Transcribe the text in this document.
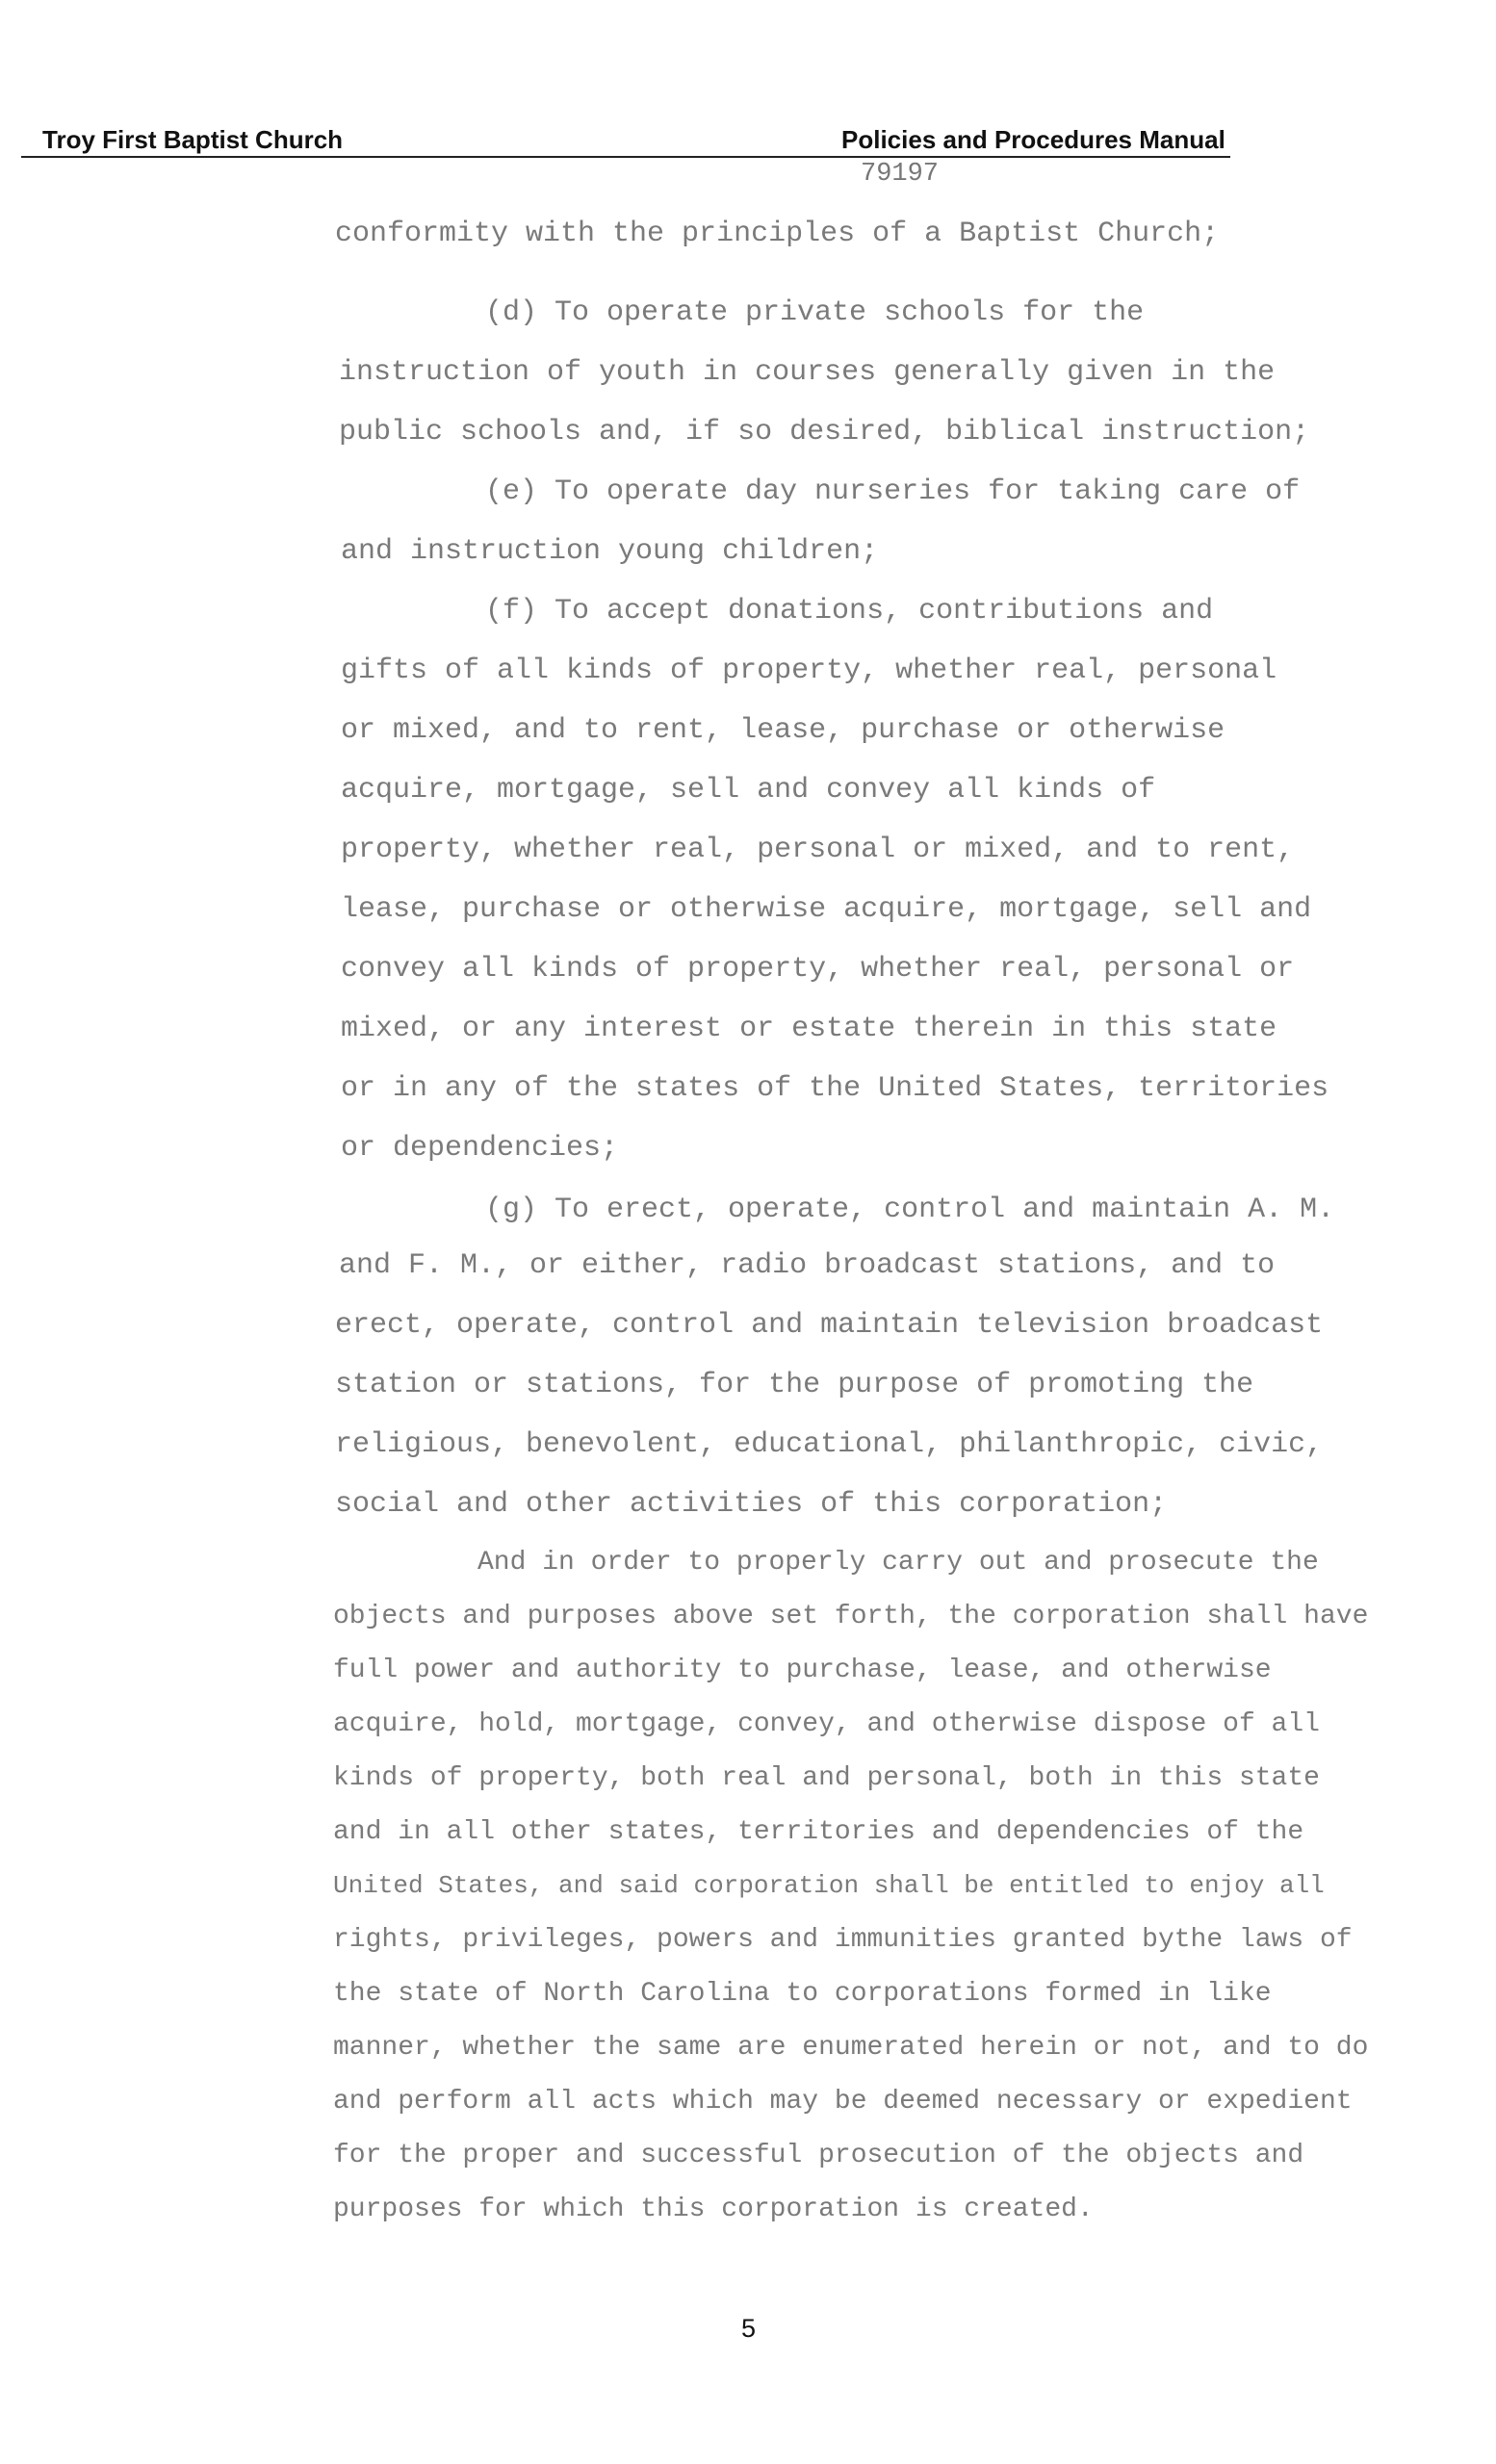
Troy First Baptist Church	Policies and Procedures Manual
79197
conformity with the principles of a Baptist Church;
(d) To operate private schools for the
instruction of youth in courses generally given in the
public schools and, if so desired, biblical instruction;
(e) To operate day nurseries for taking care of
and instruction young children;
(f) To accept donations, contributions and
gifts of all kinds of property, whether real, personal
or mixed, and to rent, lease, purchase or otherwise
acquire, mortgage, sell and convey all kinds of
property, whether real, personal or mixed, and to rent,
lease, purchase or otherwise acquire, mortgage, sell and
convey all kinds of property, whether real, personal or
mixed, or any interest or estate therein in this state
or in any of the states of the United States, territories
or dependencies;
(g) To erect, operate, control and maintain A. M.
and F. M., or either, radio broadcast stations, and to
erect, operate, control and maintain television broadcast
station or stations, for the purpose of promoting the
religious, benevolent, educational, philanthropic, civic,
social and other activities of this corporation;
And in order to properly carry out and prosecute the
objects and purposes above set forth, the corporation shall have
full power and authority to purchase, lease, and otherwise
acquire, hold, mortgage, convey, and otherwise dispose of all
kinds of property, both real and personal, both in this state
and in all other states, territories and dependencies of the
United States, and said corporation shall be entitled to enjoy all
rights, privileges, powers and immunities granted bythe laws of
the state of North Carolina to corporations formed in like
manner, whether the same are enumerated herein or not, and to do
and perform all acts which may be deemed necessary or expedient
for the proper and successful prosecution of the objects and
purposes for which this corporation is created.
5
